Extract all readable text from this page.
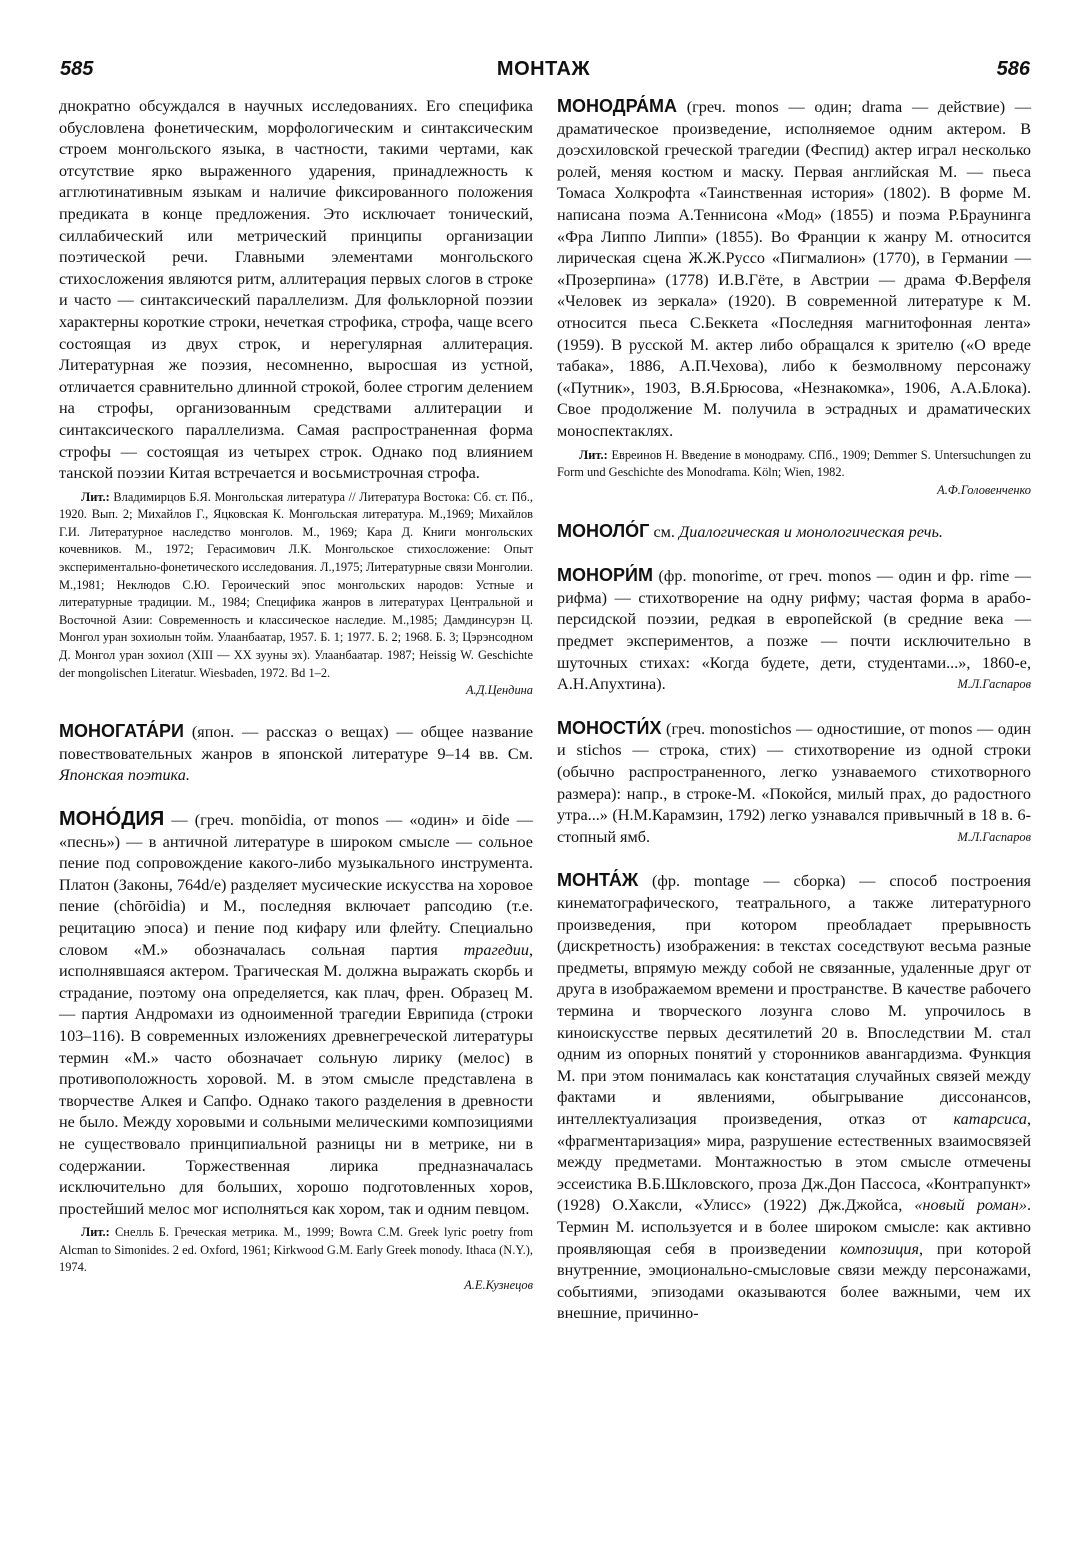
585	МОНТАЖ	586

днократно обсуждался в научных исследованиях. Его специфика обусловлена фонетическим, морфологическим и синтаксическим строем монгольского языка, в частности, такими чертами, как отсутствие ярко выраженного ударения, принадлежность к агглютинативным языкам и наличие фиксированного положения предиката в конце предложения. Это исключает тонический, силлабический или метрический принципы организации поэтической речи. Главными элементами монгольского стихосложения являются ритм, аллитерация первых слогов в строке и часто — синтаксический параллелизм. Для фольклорной поэзии характерны короткие строки, нечеткая строфика, строфа, чаще всего состоящая из двух строк, и нерегулярная аллитерация. Литературная же поэзия, несомненно, выросшая из устной, отличается сравнительно длинной строкой, более строгим делением на строфы, организованным средствами аллитерации и синтаксического параллелизма. Самая распространенная форма строфы — состоящая из четырех строк. Однако под влиянием танской поэзии Китая встречается и восьмистрочная строфа.

Лит.: Владимирцов Б.Я. Монгольская литература // Литература Востока: Сб. ст. Пб., 1920. Вып. 2; Михайлов Г., Яцковская К. Монгольская литература. М.,1969; Михайлов Г.И. Литературное наследство монголов. М., 1969; Кара Д. Книги монгольских кочевников. М., 1972; Герасимович Л.К. Монгольское стихосложение: Опыт экспериментально-фонетического исследования. Л.,1975; Литературные связи Монголии. М.,1981; Неклюдов С.Ю. Героический эпос монгольских народов: Устные и литературные традиции. М., 1984; Специфика жанров в литературах Центральной и Восточной Азии: Современность и классическое наследие. М.,1985; Дамдинсурэн Ц. Монгол уран зохиолын тойм. Улаанбаатар, 1957. Б. 1; 1977. Б. 2; 1968. Б. 3; Цэрэнсодном Д. Монгол уран зохиол (XIII — XX зууны эх). Улаанбаатар. 1987; Heissig W. Geschichte der mongolischen Literatur. Wiesbaden, 1972. Bd 1–2.

А.Д.Цендина

МОНОГАТА́РИ (япон. — рассказ о вещах) — общее название повествовательных жанров в японской литературе 9–14 вв. См. Японская поэтика.

МОНО́ДИЯ — (греч. monōidia, от monos — «один» и ōide — «песнь») — в античной литературе в широком смысле — сольное пение под сопровождение какого-либо музыкального инструмента. Платон (Законы, 764d/e) разделяет мусические искусства на хоровое пение (chōrōidia) и М., последняя включает рапсодию (т.е. рецитацию эпоса) и пение под кифару или флейту. Специально словом «М.» обозначалась сольная партия трагедии, исполнявшаяся актером. Трагическая М. должна выражать скорбь и страдание, поэтому она определяется, как плач, френ. Образец М. — партия Андромахи из одноименной трагедии Еврипида (строки 103–116). В современных изложениях древнегреческой литературы термин «М.» часто обозначает сольную лирику (мелос) в противоположность хоровой. М. в этом смысле представлена в творчестве Алкея и Сапфо. Однако такого разделения в древности не было. Между хоровыми и сольными мелическими композициями не существовало принципиальной разницы ни в метрике, ни в содержании. Торжественная лирика предназначалась исключительно для больших, хорошо подготовленных хоров, простейший мелос мог исполняться как хором, так и одним певцом.

Лит.: Снелль Б. Греческая метрика. М., 1999; Bowra C.M. Greek lyric poetry from Alcman to Simonides. 2 ed. Oxford, 1961; Kirkwood G.M. Early Greek monody. Ithaca (N.Y.), 1974.

А.Е.Кузнецов

МОНОДРА́МА (греч. monos — один; drama — действие) — драматическое произведение, исполняемое одним актером. В доэсхиловской греческой трагедии (Феспид) актер играл несколько ролей, меняя костюм и маску. Первая английская М. — пьеса Томаса Холкрофта «Таинственная история» (1802). В форме М. написана поэма А.Теннисона «Мод» (1855) и поэма Р.Браунинга «Фра Липпо Липпи» (1855). Во Франции к жанру М. относится лирическая сцена Ж.Ж.Руссо «Пигмалион» (1770), в Германии — «Прозерпина» (1778) И.В.Гёте, в Австрии — драма Ф.Верфеля «Человек из зеркала» (1920). В современной литературе к М. относится пьеса С.Беккета «Последняя магнитофонная лента» (1959). В русской М. актер либо обращался к зрителю («О вреде табака», 1886, А.П.Чехова), либо к безмолвному персонажу («Путник», 1903, В.Я.Брюсова, «Незнакомка», 1906, А.А.Блока). Свое продолжение М. получила в эстрадных и драматических моноспектаклях.

Лит.: Евреинов Н. Введение в монодраму. СПб., 1909; Demmer S. Untersuchungen zu Form und Geschichte des Monodrama. Köln; Wien, 1982.

А.Ф.Головенченко

МОНОЛО́Г см. Диалогическая и монологическая речь.

МОНОРИ́М (фр. monorime, от греч. monos — один и фр. rime — рифма) — стихотворение на одну рифму; частая форма в арабо-персидской поэзии, редкая в европейской (в средние века — предмет экспериментов, а позже — почти исключительно в шуточных стихах: «Когда будете, дети, студентами...», 1860-е, А.Н.Апухтина).	М.Л.Гаспаров

МОНОСТИ́Х (греч. monostichos — одностишие, от monos — один и stichos — строка, стих) — стихотворение из одной строки (обычно распространенного, легко узнаваемого стихотворного размера): напр., в строке-М. «Покойся, милый прах, до радостного утра...» (Н.М.Карамзин, 1792) легко узнавался привычный в 18 в. 6-стопный ямб.	М.Л.Гаспаров

МОНТА́Ж (фр. montage — сборка) — способ построения кинематографического, театрального, а также литературного произведения, при котором преобладает прерывность (дискретность) изображения: в текстах соседствуют весьма разные предметы, впрямую между собой не связанные, удаленные друг от друга в изображаемом времени и пространстве. В качестве рабочего термина и творческого лозунга слово М. упрочилось в киноискусстве первых десятилетий 20 в. Впоследствии М. стал одним из опорных понятий у сторонников авангардизма. Функция М. при этом понималась как констатация случайных связей между фактами и явлениями, обыгрывание диссонансов, интеллектуализация произведения, отказ от катарсиса, «фрагментаризация» мира, разрушение естественных взаимосвязей между предметами. Монтажностью в этом смысле отмечены эссеистика В.Б.Шкловского, проза Дж.Дон Пассоса, «Контрапункт» (1928) О.Хаксли, «Улисс» (1922) Дж.Джойса, «новый роман». Термин М. используется и в более широком смысле: как активно проявляющая себя в произведении композиция, при которой внутренние, эмоционально-смысловые связи между персонажами, событиями, эпизодами оказываются более важными, чем их внешние, причинно-
